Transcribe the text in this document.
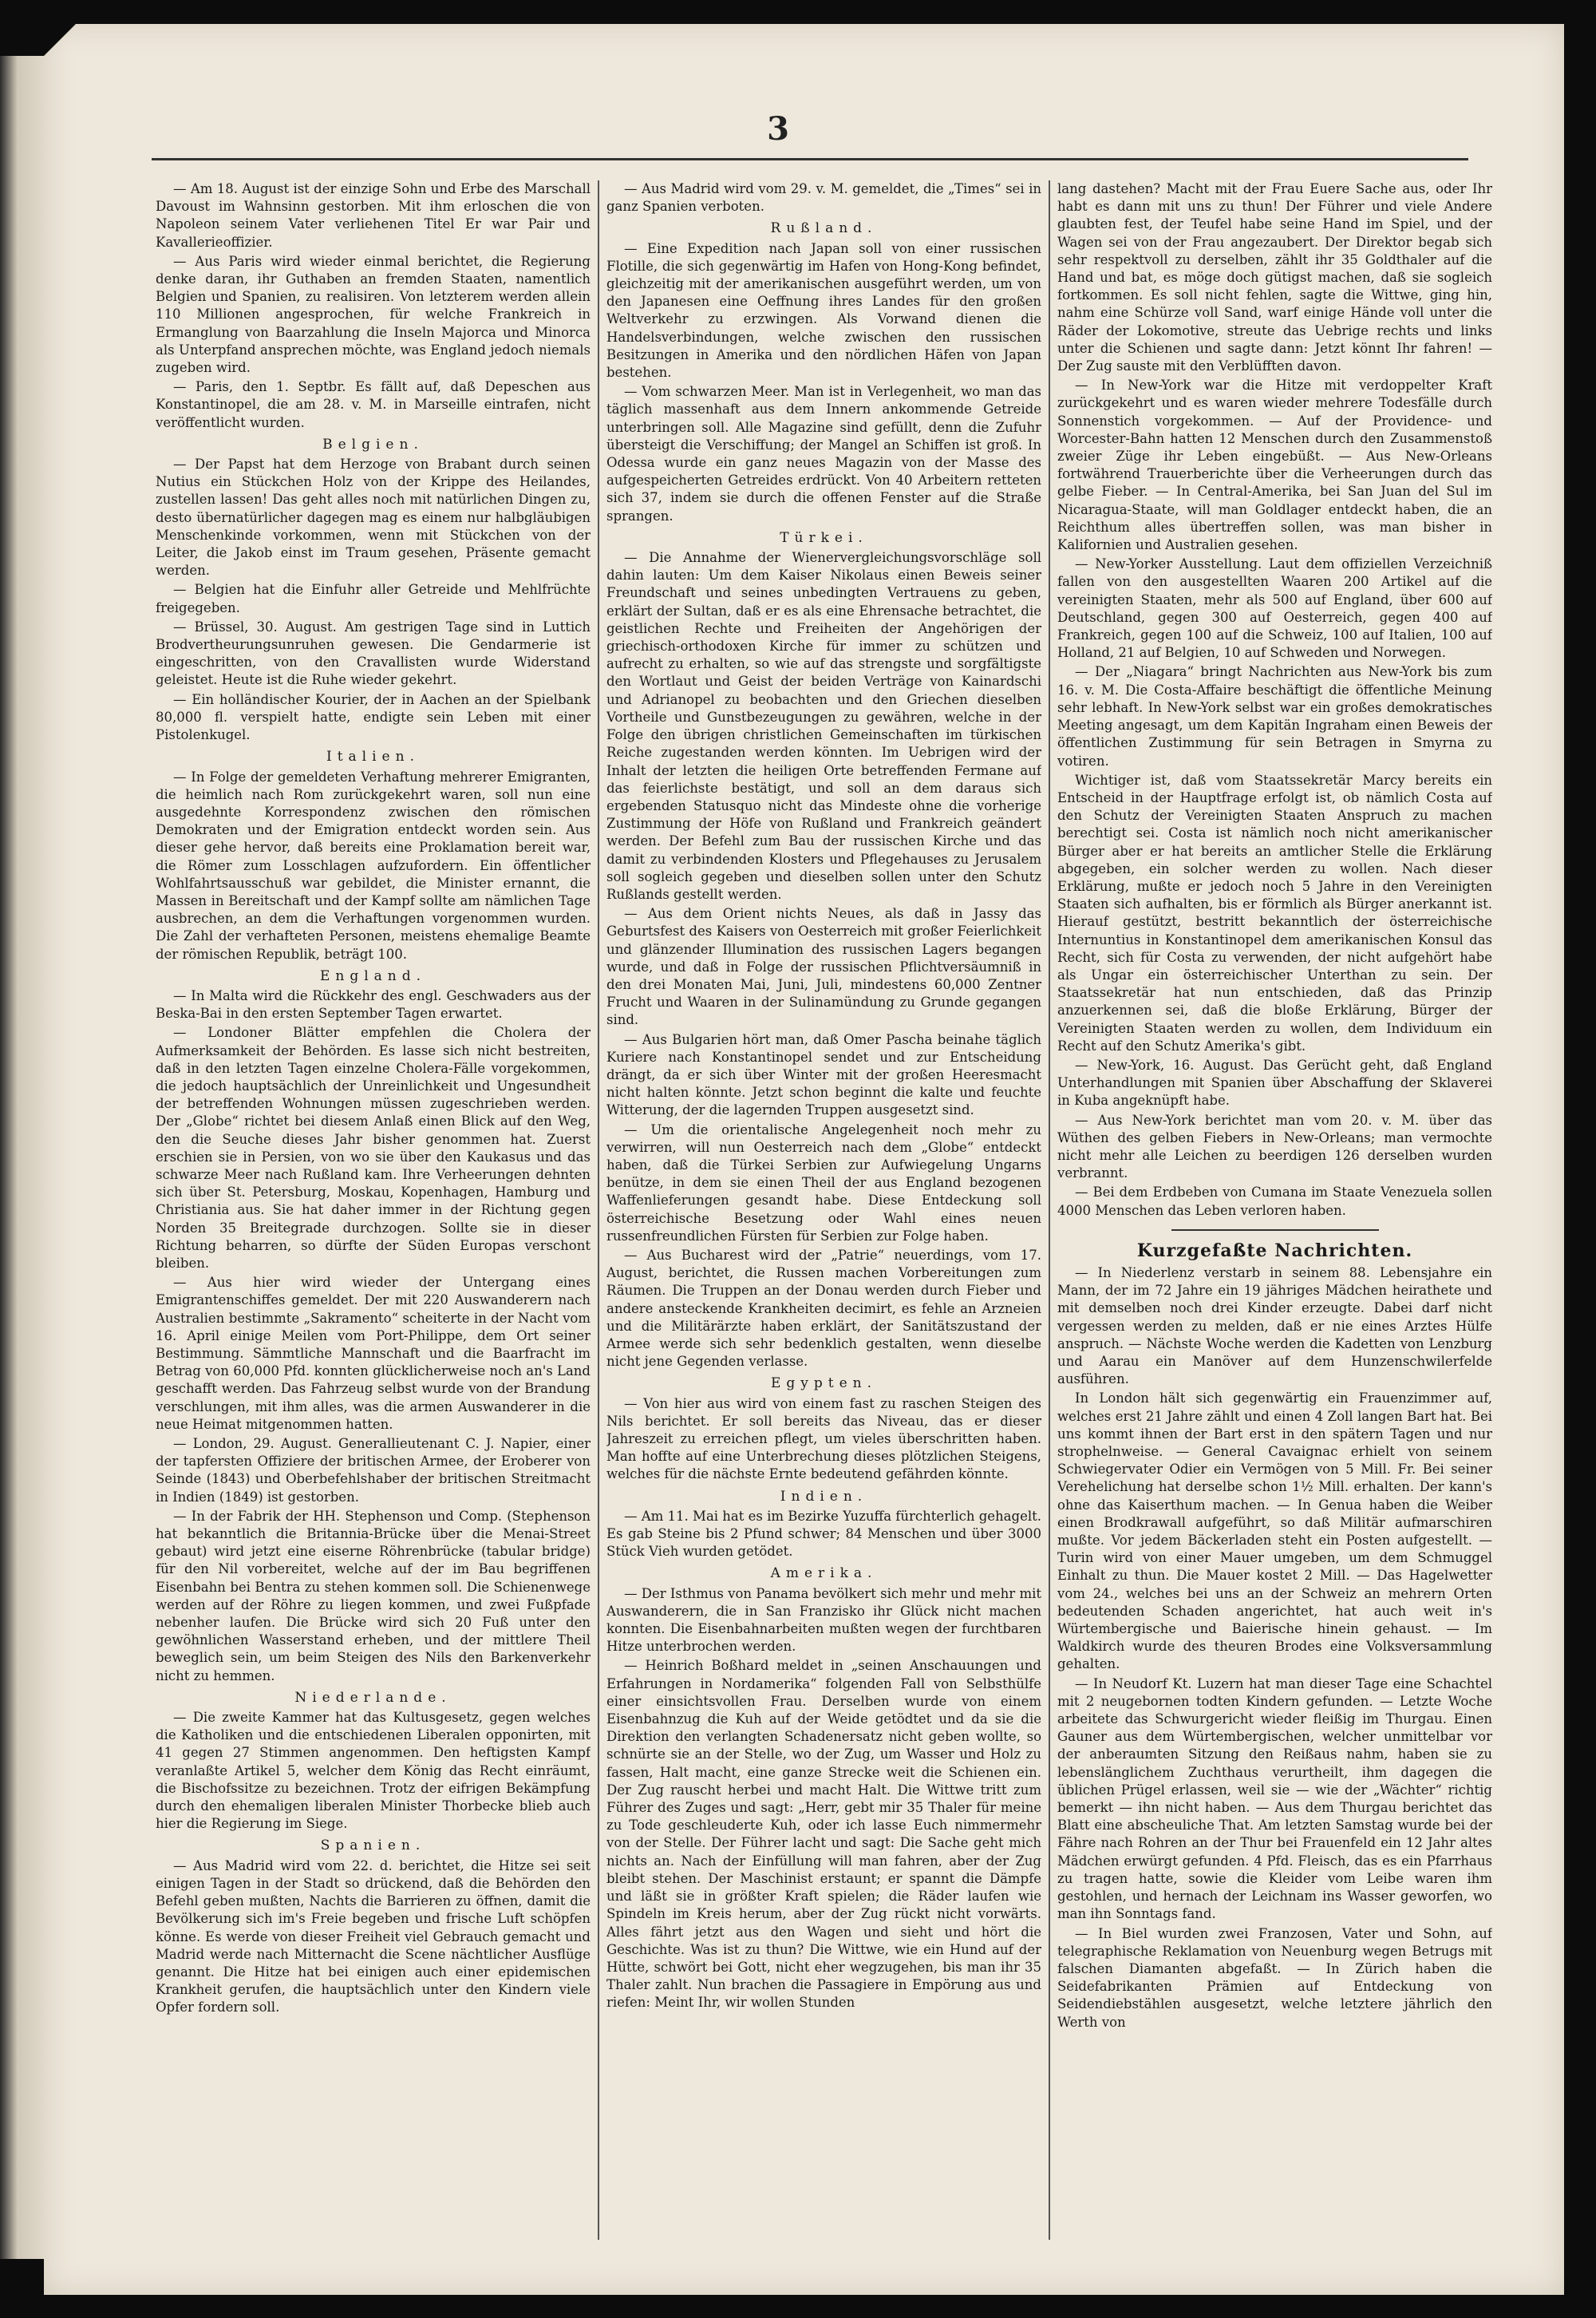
3

— Am 18. August ist der einzige Sohn und Erbe des Marschall Davoust im Wahnsinn gestorben. Mit ihm erloschen die von Napoleon seinem Vater verliehenen Titel Er war Pair und Kavallerieoffizier.

— Aus Paris wird wieder einmal berichtet, die Regierung denke daran, ihr Guthaben an fremden Staaten, namentlich Belgien und Spanien, zu realisiren. Von letzterem werden allein 110 Millionen angesprochen, für welche Frankreich in Ermanglung von Baarzahlung die Inseln Majorca und Minorca als Unterpfand ansprechen möchte, was England jedoch niemals zugeben wird.

— Paris, den 1. Septbr. Es fällt auf, daß Depeschen aus Konstantinopel, die am 28. v. M. in Marseille eintrafen, nicht veröffentlicht wurden.

Belgien.

— Der Papst hat dem Herzoge von Brabant durch seinen Nutius ein Stückchen Holz von der Krippe des Heilandes, zustellen lassen! Das geht alles noch mit natürlichen Dingen zu, desto übernatürlicher dagegen mag es einem nur halbgläubigen Menschenkinde vorkommen, wenn mit Stückchen von der Leiter, die Jakob einst im Traum gesehen, Präsente gemacht werden.

— Belgien hat die Einfuhr aller Getreide und Mehlfrüchte freigegeben.

— Brüssel, 30. August. Am gestrigen Tage sind in Luttich Brodvertheurungsunruhen gewesen. Die Gendarmerie ist eingeschritten, von den Cravallisten wurde Widerstand geleistet. Heute ist die Ruhe wieder gekehrt.

— Ein holländischer Kourier, der in Aachen an der Spielbank 80,000 fl. verspielt hatte, endigte sein Leben mit einer Pistolenkugel.

Italien.

— In Folge der gemeldeten Verhaftung mehrerer Emigranten, die heimlich nach Rom zurückgekehrt waren, soll nun eine ausgedehnte Korrespondenz zwischen den römischen Demokraten und der Emigration entdeckt worden sein. Aus dieser gehe hervor, daß bereits eine Proklamation bereit war, die Römer zum Losschlagen aufzufordern. Ein öffentlicher Wohlfahrtsausschuß war gebildet, die Minister ernannt, die Massen in Bereitschaft und der Kampf sollte am nämlichen Tage ausbrechen, an dem die Verhaftungen vorgenommen wurden. Die Zahl der verhafteten Personen, meistens ehemalige Beamte der römischen Republik, beträgt 100.

England.

— In Malta wird die Rückkehr des engl. Geschwaders aus der Beska-Bai in den ersten September Tagen erwartet.

— Londoner Blätter empfehlen die Cholera der Aufmerksamkeit der Behörden. Es lasse sich nicht bestreiten, daß in den letzten Tagen einzelne Cholera-Fälle vorgekommen, die jedoch hauptsächlich der Unreinlichkeit und Ungesundheit der betreffenden Wohnungen müssen zugeschrieben werden. Der „Globe“ richtet bei diesem Anlaß einen Blick auf den Weg, den die Seuche dieses Jahr bisher genommen hat. Zuerst erschien sie in Persien, von wo sie über den Kaukasus und das schwarze Meer nach Rußland kam. Ihre Verheerungen dehnten sich über St. Petersburg, Moskau, Kopenhagen, Hamburg und Christiania aus. Sie hat daher immer in der Richtung gegen Norden 35 Breitegrade durchzogen. Sollte sie in dieser Richtung beharren, so dürfte der Süden Europas verschont bleiben.

— Aus hier wird wieder der Untergang eines Emigrantenschiffes gemeldet. Der mit 220 Auswanderern nach Australien bestimmte „Sakramento“ scheiterte in der Nacht vom 16. April einige Meilen vom Port-Philippe, dem Ort seiner Bestimmung. Sämmtliche Mannschaft und die Baarfracht im Betrag von 60,000 Pfd. konnten glücklicherweise noch an's Land geschafft werden. Das Fahrzeug selbst wurde von der Brandung verschlungen, mit ihm alles, was die armen Auswanderer in die neue Heimat mitgenommen hatten.

— London, 29. August. Generallieutenant C. J. Napier, einer der tapfersten Offiziere der britischen Armee, der Eroberer von Seinde (1843) und Oberbefehlshaber der britischen Streitmacht in Indien (1849) ist gestorben.

— In der Fabrik der HH. Stephenson und Comp. (Stephenson hat bekanntlich die Britannia-Brücke über die Menai-Street gebaut) wird jetzt eine eiserne Röhrenbrücke (tabular bridge) für den Nil vorbereitet, welche auf der im Bau begriffenen Eisenbahn bei Bentra zu stehen kommen soll. Die Schienenwege werden auf der Röhre zu liegen kommen, und zwei Fußpfade nebenher laufen. Die Brücke wird sich 20 Fuß unter den gewöhnlichen Wasserstand erheben, und der mittlere Theil beweglich sein, um beim Steigen des Nils den Barkenverkehr nicht zu hemmen.

Niederlande.

— Die zweite Kammer hat das Kultusgesetz, gegen welches die Katholiken und die entschiedenen Liberalen opponirten, mit 41 gegen 27 Stimmen angenommen. Den heftigsten Kampf veranlaßte Artikel 5, welcher dem König das Recht einräumt, die Bischofssitze zu bezeichnen. Trotz der eifrigen Bekämpfung durch den ehemaligen liberalen Minister Thorbecke blieb auch hier die Regierung im Siege.

Spanien.

— Aus Madrid wird vom 22. d. berichtet, die Hitze sei seit einigen Tagen in der Stadt so drückend, daß die Behörden den Befehl geben mußten, Nachts die Barrieren zu öffnen, damit die Bevölkerung sich im's Freie begeben und frische Luft schöpfen könne. Es werde von dieser Freiheit viel Gebrauch gemacht und Madrid werde nach Mitternacht die Scene nächtlicher Ausflüge genannt. Die Hitze hat bei einigen auch einer epidemischen Krankheit gerufen, die hauptsächlich unter den Kindern viele Opfer fordern soll.

— Aus Madrid wird vom 29. v. M. gemeldet, die „Times“ sei in ganz Spanien verboten.

Rußland.

— Eine Expedition nach Japan soll von einer russischen Flotille, die sich gegenwärtig im Hafen von Hong-Kong befindet, gleichzeitig mit der amerikanischen ausgeführt werden, um von den Japanesen eine Oeffnung ihres Landes für den großen Weltverkehr zu erzwingen. Als Vorwand dienen die Handelsverbindungen, welche zwischen den russischen Besitzungen in Amerika und den nördlichen Häfen von Japan bestehen.

— Vom schwarzen Meer. Man ist in Verlegenheit, wo man das täglich massenhaft aus dem Innern ankommende Getreide unterbringen soll. Alle Magazine sind gefüllt, denn die Zufuhr übersteigt die Verschiffung; der Mangel an Schiffen ist groß. In Odessa wurde ein ganz neues Magazin von der Masse des aufgespeicherten Getreides erdrückt. Von 40 Arbeitern retteten sich 37, indem sie durch die offenen Fenster auf die Straße sprangen.

Türkei.

— Die Annahme der Wienervergleichungsvorschläge soll dahin lauten: Um dem Kaiser Nikolaus einen Beweis seiner Freundschaft und seines unbedingten Vertrauens zu geben, erklärt der Sultan, daß er es als eine Ehrensache betrachtet, die geistlichen Rechte und Freiheiten der Angehörigen der griechisch-orthodoxen Kirche für immer zu schützen und aufrecht zu erhalten, so wie auf das strengste und sorgfältigste den Wortlaut und Geist der beiden Verträge von Kainardschi und Adrianopel zu beobachten und den Griechen dieselben Vortheile und Gunstbezeugungen zu gewähren, welche in der Folge den übrigen christlichen Gemeinschaften im türkischen Reiche zugestanden werden könnten. Im Uebrigen wird der Inhalt der letzten die heiligen Orte betreffenden Fermane auf das feierlichste bestätigt, und soll an dem daraus sich ergebenden Statusquo nicht das Mindeste ohne die vorherige Zustimmung der Höfe von Rußland und Frankreich geändert werden. Der Befehl zum Bau der russischen Kirche und das damit zu verbindenden Klosters und Pflegehauses zu Jerusalem soll sogleich gegeben und dieselben sollen unter den Schutz Rußlands gestellt werden.

— Aus dem Orient nichts Neues, als daß in Jassy das Geburtsfest des Kaisers von Oesterreich mit großer Feierlichkeit und glänzender Illumination des russischen Lagers begangen wurde, und daß in Folge der russischen Pflichtversäumniß in den drei Monaten Mai, Juni, Juli, mindestens 60,000 Zentner Frucht und Waaren in der Sulinamündung zu Grunde gegangen sind.

— Aus Bulgarien hört man, daß Omer Pascha beinahe täglich Kuriere nach Konstantinopel sendet und zur Entscheidung drängt, da er sich über Winter mit der großen Heeresmacht nicht halten könnte. Jetzt schon beginnt die kalte und feuchte Witterung, der die lagernden Truppen ausgesetzt sind.

— Um die orientalische Angelegenheit noch mehr zu verwirren, will nun Oesterreich nach dem „Globe“ entdeckt haben, daß die Türkei Serbien zur Aufwiegelung Ungarns benütze, in dem sie einen Theil der aus England bezogenen Waffenlieferungen gesandt habe. Diese Entdeckung soll österreichische Besetzung oder Wahl eines neuen russenfreundlichen Fürsten für Serbien zur Folge haben.

— Aus Bucharest wird der „Patrie“ neuerdings, vom 17. August, berichtet, die Russen machen Vorbereitungen zum Räumen. Die Truppen an der Donau werden durch Fieber und andere ansteckende Krankheiten decimirt, es fehle an Arzneien und die Militärärzte haben erklärt, der Sanitätszustand der Armee werde sich sehr bedenklich gestalten, wenn dieselbe nicht jene Gegenden verlasse.

Egypten.

— Von hier aus wird von einem fast zu raschen Steigen des Nils berichtet. Er soll bereits das Niveau, das er dieser Jahreszeit zu erreichen pflegt, um vieles überschritten haben. Man hoffte auf eine Unterbrechung dieses plötzlichen Steigens, welches für die nächste Ernte bedeutend gefährden könnte.

Indien.

— Am 11. Mai hat es im Bezirke Yuzuffa fürchterlich gehagelt. Es gab Steine bis 2 Pfund schwer; 84 Menschen und über 3000 Stück Vieh wurden getödet.

Amerika.

— Der Isthmus von Panama bevölkert sich mehr und mehr mit Auswanderern, die in San Franzisko ihr Glück nicht machen konnten. Die Eisenbahnarbeiten mußten wegen der furchtbaren Hitze unterbrochen werden.

— Heinrich Boßhard meldet in „seinen Anschauungen und Erfahrungen in Nordamerika“ folgenden Fall von Selbsthülfe einer einsichtsvollen Frau. Derselben wurde von einem Eisenbahnzug die Kuh auf der Weide getödtet und da sie die Direktion den verlangten Schadenersatz nicht geben wollte, so schnürte sie an der Stelle, wo der Zug, um Wasser und Holz zu fassen, Halt macht, eine ganze Strecke weit die Schienen ein. Der Zug rauscht herbei und macht Halt. Die Wittwe tritt zum Führer des Zuges und sagt: „Herr, gebt mir 35 Thaler für meine zu Tode geschleuderte Kuh, oder ich lasse Euch nimmermehr von der Stelle. Der Führer lacht und sagt: Die Sache geht mich nichts an. Nach der Einfüllung will man fahren, aber der Zug bleibt stehen. Der Maschinist erstaunt; er spannt die Dämpfe und läßt sie in größter Kraft spielen; die Räder laufen wie Spindeln im Kreis herum, aber der Zug rückt nicht vorwärts. Alles fährt jetzt aus den Wagen und sieht und hört die Geschichte. Was ist zu thun? Die Wittwe, wie ein Hund auf der Hütte, schwört bei Gott, nicht eher wegzugehen, bis man ihr 35 Thaler zahlt. Nun brachen die Passagiere in Empörung aus und riefen: Meint Ihr, wir wollen Stunden

lang dastehen? Macht mit der Frau Euere Sache aus, oder Ihr habt es dann mit uns zu thun! Der Führer und viele Andere glaubten fest, der Teufel habe seine Hand im Spiel, und der Wagen sei von der Frau angezaubert. Der Direktor begab sich sehr respektvoll zu derselben, zählt ihr 35 Goldthaler auf die Hand und bat, es möge doch gütigst machen, daß sie sogleich fortkommen. Es soll nicht fehlen, sagte die Wittwe, ging hin, nahm eine Schürze voll Sand, warf einige Hände voll unter die Räder der Lokomotive, streute das Uebrige rechts und links unter die Schienen und sagte dann: Jetzt könnt Ihr fahren! — Der Zug sauste mit den Verblüfften davon.

— In New-York war die Hitze mit verdoppelter Kraft zurückgekehrt und es waren wieder mehrere Todesfälle durch Sonnenstich vorgekommen. — Auf der Providence- und Worcester-Bahn hatten 12 Menschen durch den Zusammenstoß zweier Züge ihr Leben eingebüßt. — Aus New-Orleans fortwährend Trauerberichte über die Verheerungen durch das gelbe Fieber. — In Central-Amerika, bei San Juan del Sul im Nicaragua-Staate, will man Goldlager entdeckt haben, die an Reichthum alles übertreffen sollen, was man bisher in Kalifornien und Australien gesehen.

— New-Yorker Ausstellung. Laut dem offiziellen Verzeichniß fallen von den ausgestellten Waaren 200 Artikel auf die vereinigten Staaten, mehr als 500 auf England, über 600 auf Deutschland, gegen 300 auf Oesterreich, gegen 400 auf Frankreich, gegen 100 auf die Schweiz, 100 auf Italien, 100 auf Holland, 21 auf Belgien, 10 auf Schweden und Norwegen.

— Der „Niagara“ bringt Nachrichten aus New-York bis zum 16. v. M. Die Costa-Affaire beschäftigt die öffentliche Meinung sehr lebhaft. In New-York selbst war ein großes demokratisches Meeting angesagt, um dem Kapitän Ingraham einen Beweis der öffentlichen Zustimmung für sein Betragen in Smyrna zu votiren.

Wichtiger ist, daß vom Staatssekretär Marcy bereits ein Entscheid in der Hauptfrage erfolgt ist, ob nämlich Costa auf den Schutz der Vereinigten Staaten Anspruch zu machen berechtigt sei. Costa ist nämlich noch nicht amerikanischer Bürger aber er hat bereits an amtlicher Stelle die Erklärung abgegeben, ein solcher werden zu wollen. Nach dieser Erklärung, mußte er jedoch noch 5 Jahre in den Vereinigten Staaten sich aufhalten, bis er förmlich als Bürger anerkannt ist. Hierauf gestützt, bestritt bekanntlich der österreichische Internuntius in Konstantinopel dem amerikanischen Konsul das Recht, sich für Costa zu verwenden, der nicht aufgehört habe als Ungar ein österreichischer Unterthan zu sein. Der Staatssekretär hat nun entschieden, daß das Prinzip anzuerkennen sei, daß die bloße Erklärung, Bürger der Vereinigten Staaten werden zu wollen, dem Individuum ein Recht auf den Schutz Amerika's gibt.

— New-York, 16. August. Das Gerücht geht, daß England Unterhandlungen mit Spanien über Abschaffung der Sklaverei in Kuba angeknüpft habe.

— Aus New-York berichtet man vom 20. v. M. über das Wüthen des gelben Fiebers in New-Orleans; man vermochte nicht mehr alle Leichen zu beerdigen 126 derselben wurden verbrannt.

— Bei dem Erdbeben von Cumana im Staate Venezuela sollen 4000 Menschen das Leben verloren haben.

Kurzgefaßte Nachrichten.

— In Niederlenz verstarb in seinem 88. Lebensjahre ein Mann, der im 72 Jahre ein 19 jähriges Mädchen heirathete und mit demselben noch drei Kinder erzeugte. Dabei darf nicht vergessen werden zu melden, daß er nie eines Arztes Hülfe anspruch. — Nächste Woche werden die Kadetten von Lenzburg und Aarau ein Manöver auf dem Hunzenschwilerfelde ausführen.

In London hält sich gegenwärtig ein Frauenzimmer auf, welches erst 21 Jahre zählt und einen 4 Zoll langen Bart hat. Bei uns kommt ihnen der Bart erst in den spätern Tagen und nur strophelnweise. — General Cavaignac erhielt von seinem Schwiegervater Odier ein Vermögen von 5 Mill. Fr. Bei seiner Verehelichung hat derselbe schon 1½ Mill. erhalten. Der kann's ohne das Kaiserthum machen. — In Genua haben die Weiber einen Brodkrawall aufgeführt, so daß Militär aufmarschiren mußte. Vor jedem Bäckerladen steht ein Posten aufgestellt. — Turin wird von einer Mauer umgeben, um dem Schmuggel Einhalt zu thun. Die Mauer kostet 2 Mill. — Das Hagelwetter vom 24., welches bei uns an der Schweiz an mehrern Orten bedeutenden Schaden angerichtet, hat auch weit in's Würtembergische und Baierische hinein gehaust. — Im Waldkirch wurde des theuren Brodes eine Volksversammlung gehalten.

— In Neudorf Kt. Luzern hat man dieser Tage eine Schachtel mit 2 neugebornen todten Kindern gefunden. — Letzte Woche arbeitete das Schwurgericht wieder fleißig im Thurgau. Einen Gauner aus dem Würtembergischen, welcher unmittelbar vor der anberaumten Sitzung den Reißaus nahm, haben sie zu lebenslänglichem Zuchthaus verurtheilt, ihm dagegen die üblichen Prügel erlassen, weil sie — wie der „Wächter“ richtig bemerkt — ihn nicht haben. — Aus dem Thurgau berichtet das Blatt eine abscheuliche That. Am letzten Samstag wurde bei der Fähre nach Rohren an der Thur bei Frauenfeld ein 12 Jahr altes Mädchen erwürgt gefunden. 4 Pfd. Fleisch, das es ein Pfarrhaus zu tragen hatte, sowie die Kleider vom Leibe waren ihm gestohlen, und hernach der Leichnam ins Wasser geworfen, wo man ihn Sonntags fand.

— In Biel wurden zwei Franzosen, Vater und Sohn, auf telegraphische Reklamation von Neuenburg wegen Betrugs mit falschen Diamanten abgefaßt. — In Zürich haben die Seidefabrikanten Prämien auf Entdeckung von Seidendiebstählen ausgesetzt, welche letztere jährlich den Werth von
